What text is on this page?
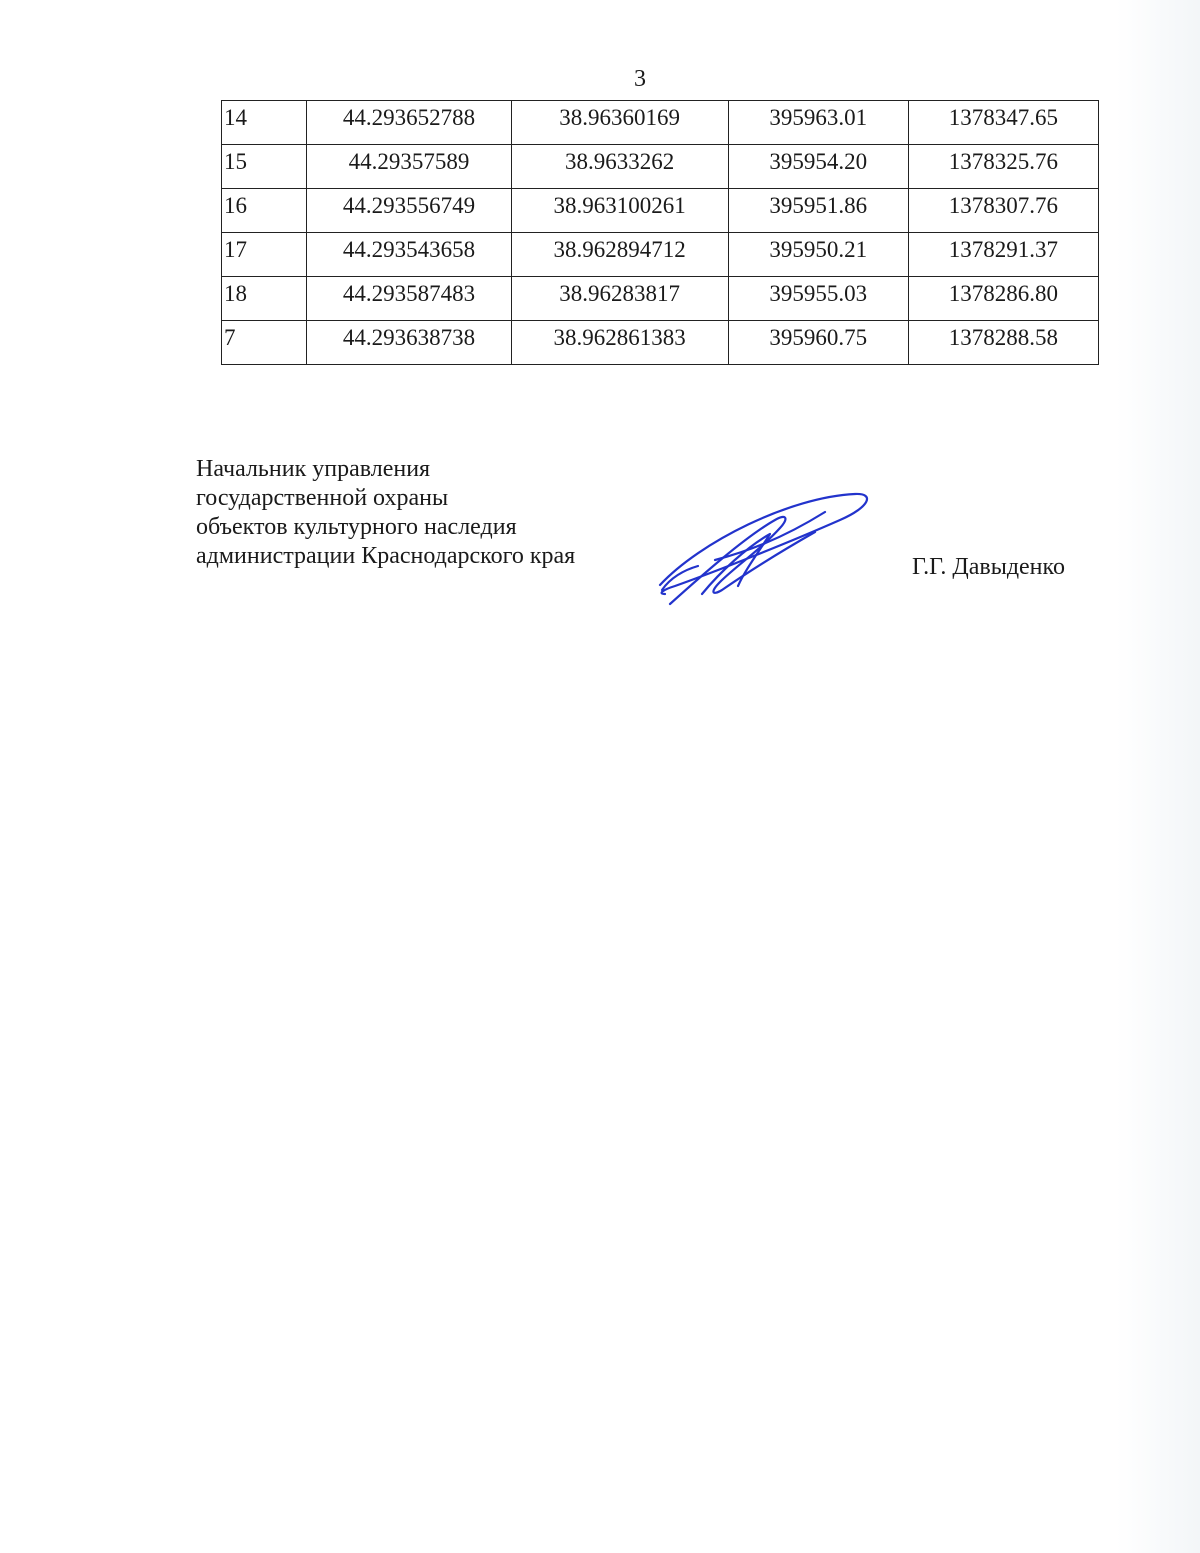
3
14	44.293652788	38.96360169	395963.01	1378347.65
15	44.29357589	38.9633262	395954.20	1378325.76
16	44.293556749	38.963100261	395951.86	1378307.76
17	44.293543658	38.962894712	395950.21	1378291.37
18	44.293587483	38.96283817	395955.03	1378286.80
7	44.293638738	38.962861383	395960.75	1378288.58
Начальник управления
государственной охраны
объектов культурного наследия
администрации Краснодарского края	Г.Г. Давыденко
